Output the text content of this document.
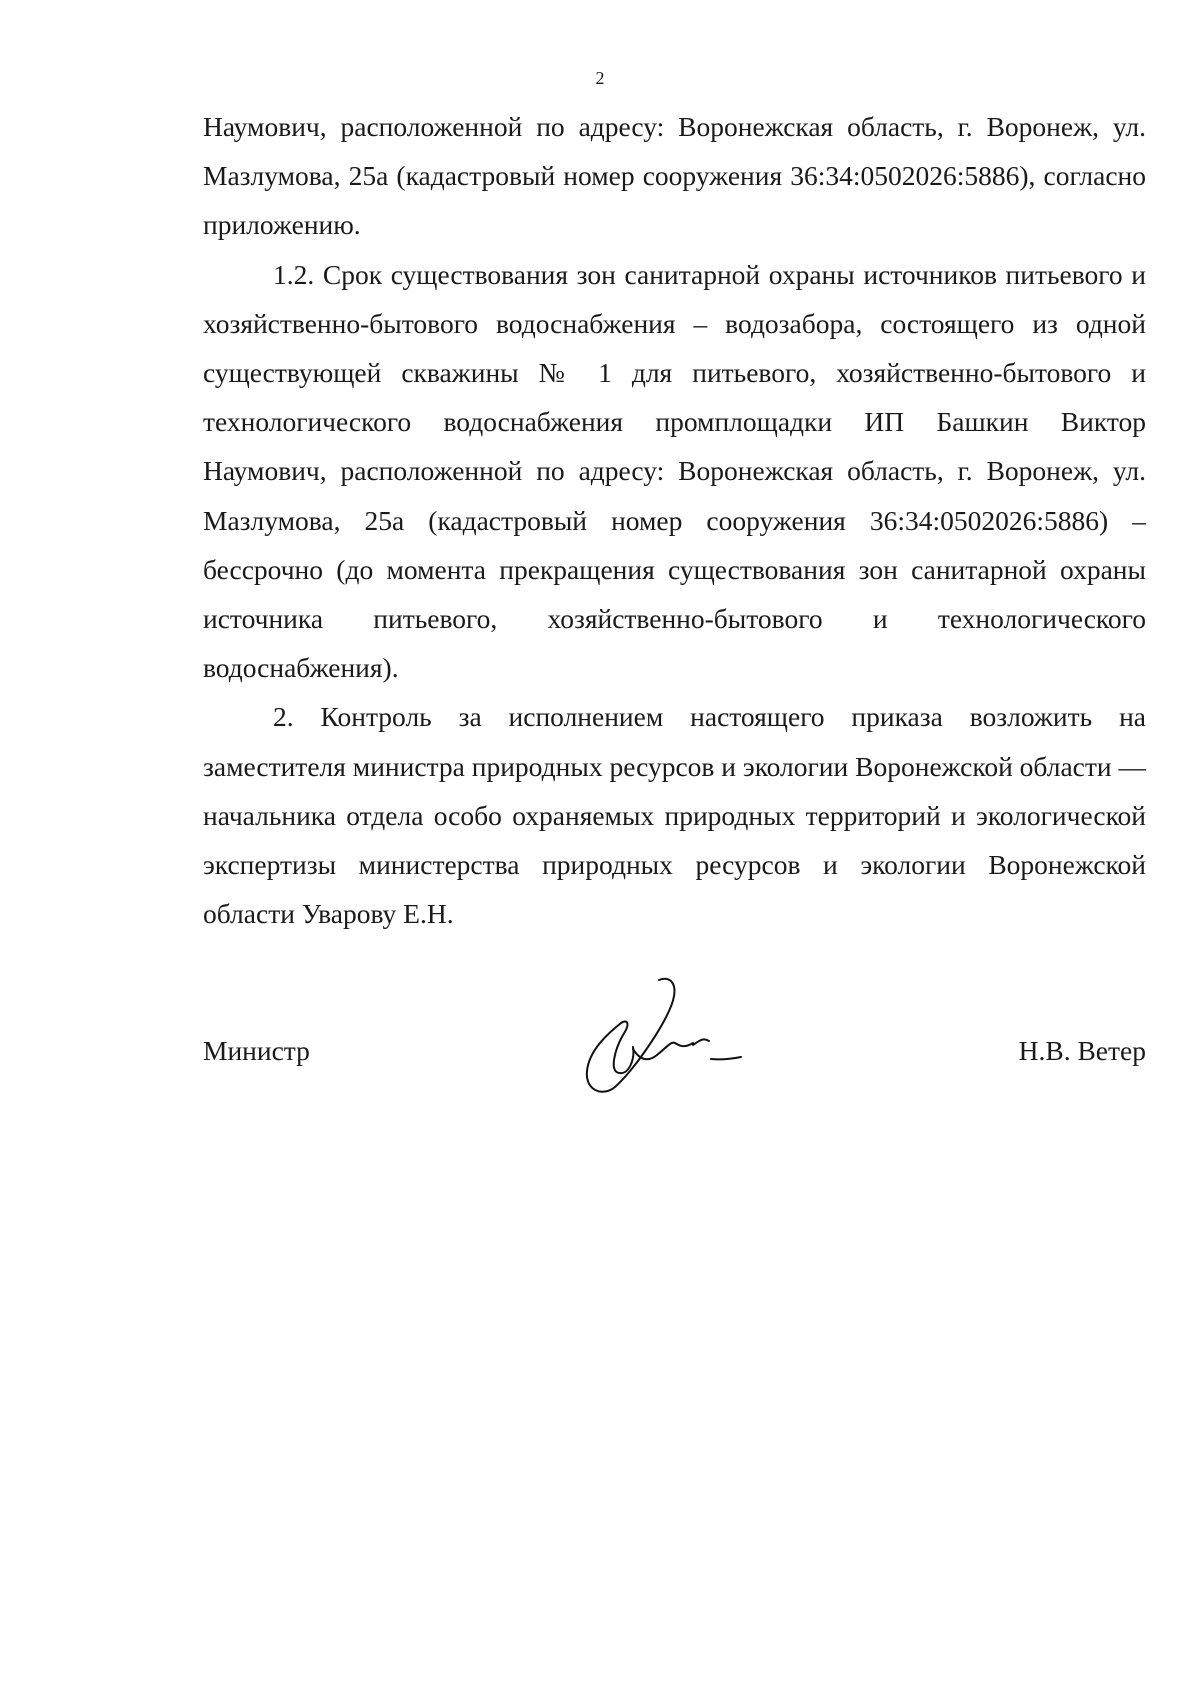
2

Наумович, расположенной по адресу: Воронежская область, г. Воронеж, ул. Мазлумова, 25а (кадастровый номер сооружения 36:34:0502026:5886), согласно приложению.

1.2. Срок существования зон санитарной охраны источников питьевого и хозяйственно-бытового водоснабжения – водозабора, состоящего из одной существующей скважины № 1 для питьевого, хозяйственно-бытового и технологического водоснабжения промплощадки ИП Башкин Виктор Наумович, расположенной по адресу: Воронежская область, г. Воронеж, ул. Мазлумова, 25а (кадастровый номер сооружения 36:34:0502026:5886) – бессрочно (до момента прекращения существования зон санитарной охраны источника питьевого, хозяйственно-бытового и технологического водоснабжения).

2. Контроль за исполнением настоящего приказа возложить на заместителя министра природных ресурсов и экологии Воронежской области — начальника отдела особо охраняемых природных территорий и экологической экспертизы министерства природных ресурсов и экологии Воронежской области Уварову Е.Н.

Министр	Н.В. Ветер
